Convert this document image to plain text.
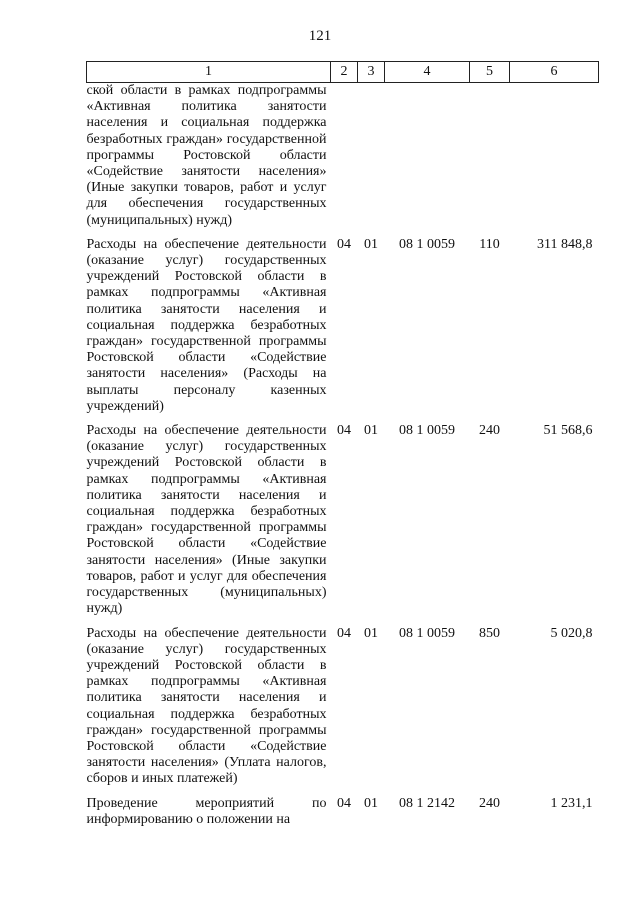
121
1	2	3	4	5	6
ской области в рамках подпрограммы «Активная политика занятости населения и социальная поддержка безработных граждан» государственной программы Ростовской области «Содействие занятости населения» (Иные закупки товаров, работ и услуг для обеспечения государственных (муниципальных) нужд)					

Расходы на обеспечение деятельности (оказание услуг) государственных учреждений Ростовской области в рамках подпрограммы «Активная политика занятости населения и социальная поддержка безработных граждан» государственной программы Ростовской области «Содействие занятости населения» (Расходы на выплаты персоналу казенных учреждений)	04	01	08 1 0059	110	311 848,8

Расходы на обеспечение деятельности (оказание услуг) государственных учреждений Ростовской области в рамках подпрограммы «Активная политика занятости населения и социальная поддержка безработных граждан» государственной программы Ростовской области «Содействие занятости населения» (Иные закупки товаров, работ и услуг для обеспечения государственных (муниципальных) нужд)	04	01	08 1 0059	240	51 568,6

Расходы на обеспечение деятельности (оказание услуг) государственных учреждений Ростовской области в рамках подпрограммы «Активная политика занятости населения и социальная поддержка безработных граждан» государственной программы Ростовской области «Содействие занятости населения» (Уплата налогов, сборов и иных платежей)	04	01	08 1 0059	850	5 020,8

Проведение мероприятий по информированию о положении на	04	01	08 1 2142	240	1 231,1
